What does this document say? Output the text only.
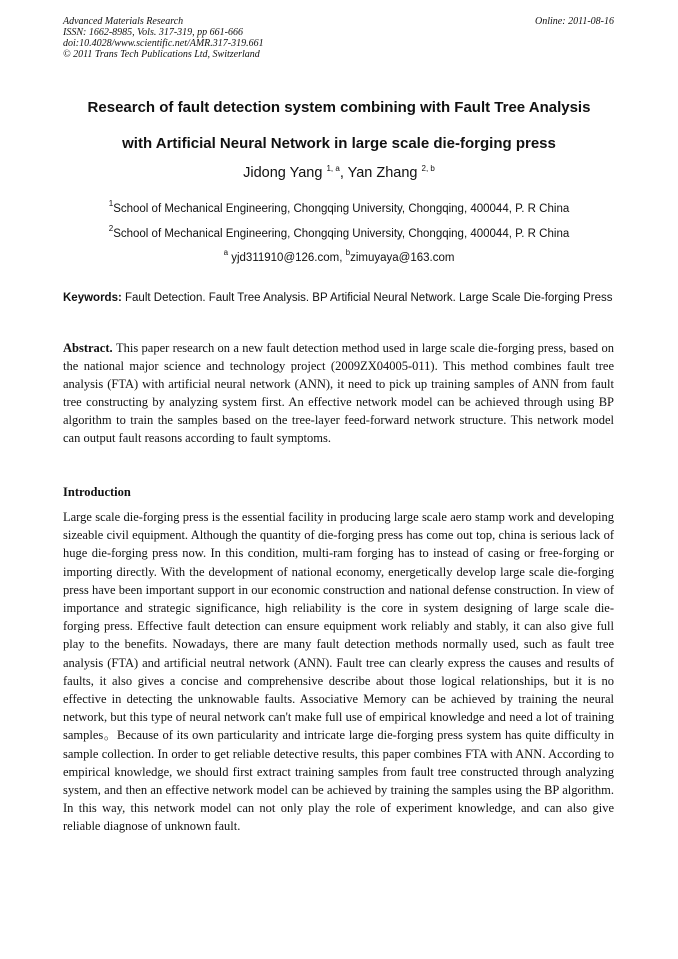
Advanced Materials Research
ISSN: 1662-8985, Vols. 317-319, pp 661-666
doi:10.4028/www.scientific.net/AMR.317-319.661
© 2011 Trans Tech Publications Ltd, Switzerland
Online: 2011-08-16
Research of fault detection system combining with Fault Tree Analysis
with Artificial Neural Network in large scale die-forging press
Jidong Yang $^{1, a}$, Yan Zhang $^{2, b}$
$^1$School of Mechanical Engineering, Chongqing University, Chongqing, 400044, P. R China
$^2$School of Mechanical Engineering, Chongqing University, Chongqing, 400044, P. R China
$^a$ yjd311910@126.com, $^b$zimuyaya@163.com
Keywords: Fault Detection. Fault Tree Analysis. BP Artificial Neural Network. Large Scale Die-forging Press
Abstract. This paper research on a new fault detection method used in large scale die-forging press, based on the national major science and technology project (2009ZX04005-011). This method combines fault tree analysis (FTA) with artificial neural network (ANN), it need to pick up training samples of ANN from fault tree constructing by analyzing system first. An effective network model can be achieved through using BP algorithm to train the samples based on the tree-layer feed-forward network structure. This network model can output fault reasons according to fault symptoms.
Introduction
Large scale die-forging press is the essential facility in producing large scale aero stamp work and developing sizeable civil equipment. Although the quantity of die-forging press has come out top, china is serious lack of huge die-forging press now. In this condition, multi-ram forging has to instead of casing or free-forging or importing directly. With the development of national economy, energetically develop large scale die-forging press have been important support in our economic construction and national defense construction. In view of importance and strategic significance, high reliability is the core in system designing of large scale die-forging press. Effective fault detection can ensure equipment work reliably and stably, it can also give full play to the benefits. Nowadays, there are many fault detection methods normally used, such as fault tree analysis (FTA) and artificial neutral network (ANN). Fault tree can clearly express the causes and results of faults, it also gives a concise and comprehensive describe about those logical relationships, but it is no effective in detecting the unknowable faults. Associative Memory can be achieved by training the neural network, but this type of neural network can't make full use of empirical knowledge and need a lot of training samples。Because of its own particularity and intricate large die-forging press system has quite difficulty in sample collection. In order to get reliable detective results, this paper combines FTA with ANN. According to empirical knowledge, we should first extract training samples from fault tree constructed through analyzing system, and then an effective network model can be achieved by training the samples using the BP algorithm. In this way, this network model can not only play the role of experiment knowledge, and can also give reliable diagnose of unknown fault.
